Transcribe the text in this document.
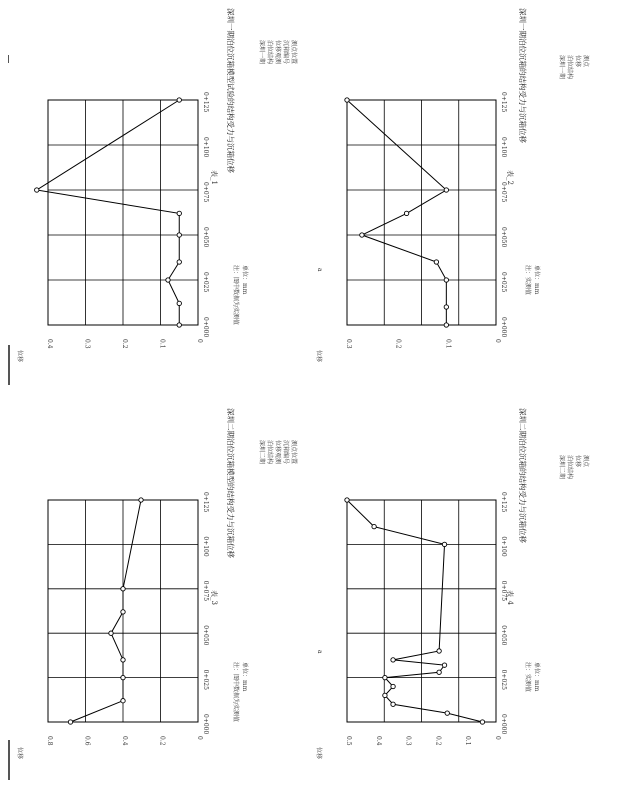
a
a
0
0.1
0.2
0.3
0.4
位移
0+000
0+025
0+050
0+075
0+100
0+125
表_1
深圳一期泊位沉箱模型试验的结构受力与沉箱位移	深圳一期 泊位结构 位移观测 沉箱编号 测点位置
注：图中数据为实测值 单位：mm
0
0.1
0.2
0.3
位移
0+000
0+025
0+050
0+075
0+100
0+125
表_2
深圳一期泊位沉箱的结构受力与沉箱位移	深圳一期 泊位结构 位移 测点
注：实测值 单位：mm
0
0.2
0.4
0.6
0.8
位移
0+000
0+025
0+050
0+075
0+100
0+125
表_3
深圳二期泊位沉箱模型的结构受力与沉箱位移	深圳二期 泊位结构 位移观测 沉箱编号 测点位置
注：图中数据为实测值 单位：mm
0
0.1
0.2
0.3
0.4
0.5
位移
0+000
0+025
0+050
0+075
0+100
0+125
表_4
深圳二期泊位沉箱的结构受力与沉箱位移	深圳二期 泊位结构 位移 测点
注：实测值 单位：mm
